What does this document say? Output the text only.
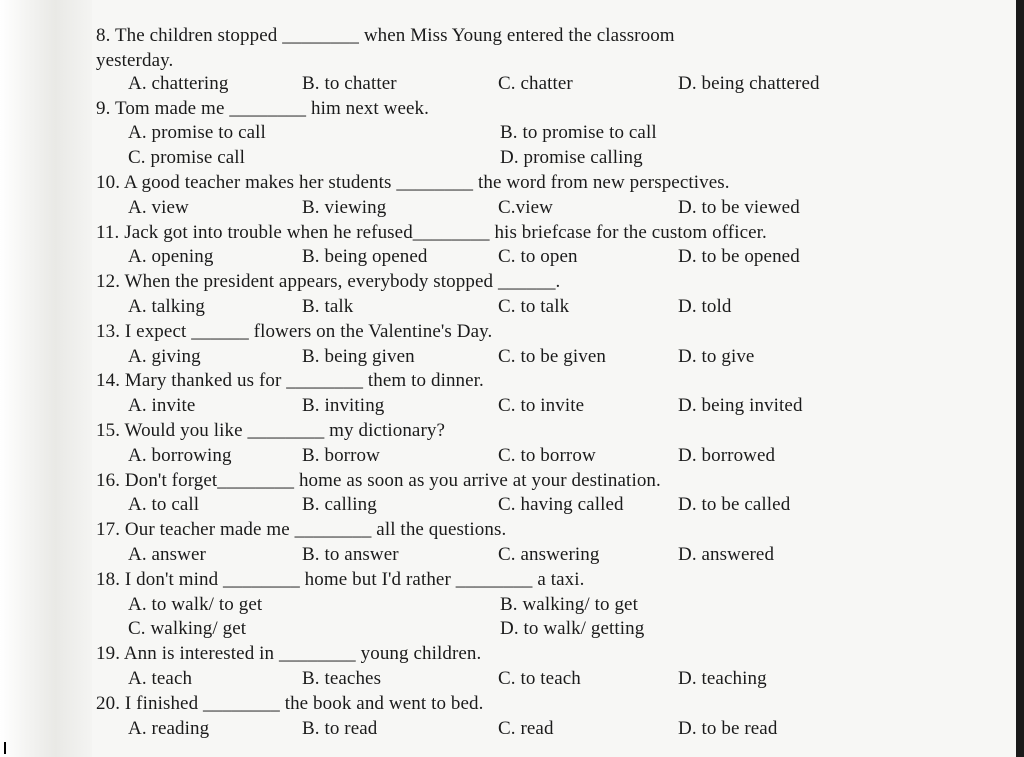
8. The children stopped ________ when Miss Young entered the classroom
yesterday.
A. chattering	B. to chatter	C. chatter	D. being chattered
9. Tom made me ________ him next week.
A. promise to call	B. to promise to call
C. promise call	D. promise calling
10. A good teacher makes her students ________ the word from new perspectives.
A. view	B. viewing	C.view	D. to be viewed
11. Jack got into trouble when he refused________ his briefcase for the custom officer.
A. opening	B. being opened	C. to open	D. to be opened
12. When the president appears, everybody stopped ______.
A. talking	B. talk	C. to talk	D. told
13. I expect ______ flowers on the Valentine's Day.
A. giving	B. being given	C. to be given	D. to give
14. Mary thanked us for ________ them to dinner.
A. invite	B. inviting	C. to invite	D. being invited
15. Would you like ________ my dictionary?
A. borrowing	B. borrow	C. to borrow	D. borrowed
16. Don't forget________ home as soon as you arrive at your destination.
A. to call	B. calling	C. having called	D. to be called
17. Our teacher made me ________ all the questions.
A. answer	B. to answer	C. answering	D. answered
18. I don't mind ________ home but I'd rather ________ a taxi.
A. to walk/ to get	B. walking/ to get
C. walking/ get	D. to walk/ getting
19. Ann is interested in ________ young children.
A. teach	B. teaches	C. to teach	D. teaching
20. I finished ________ the book and went to bed.
A. reading	B. to read	C. read	D. to be read
